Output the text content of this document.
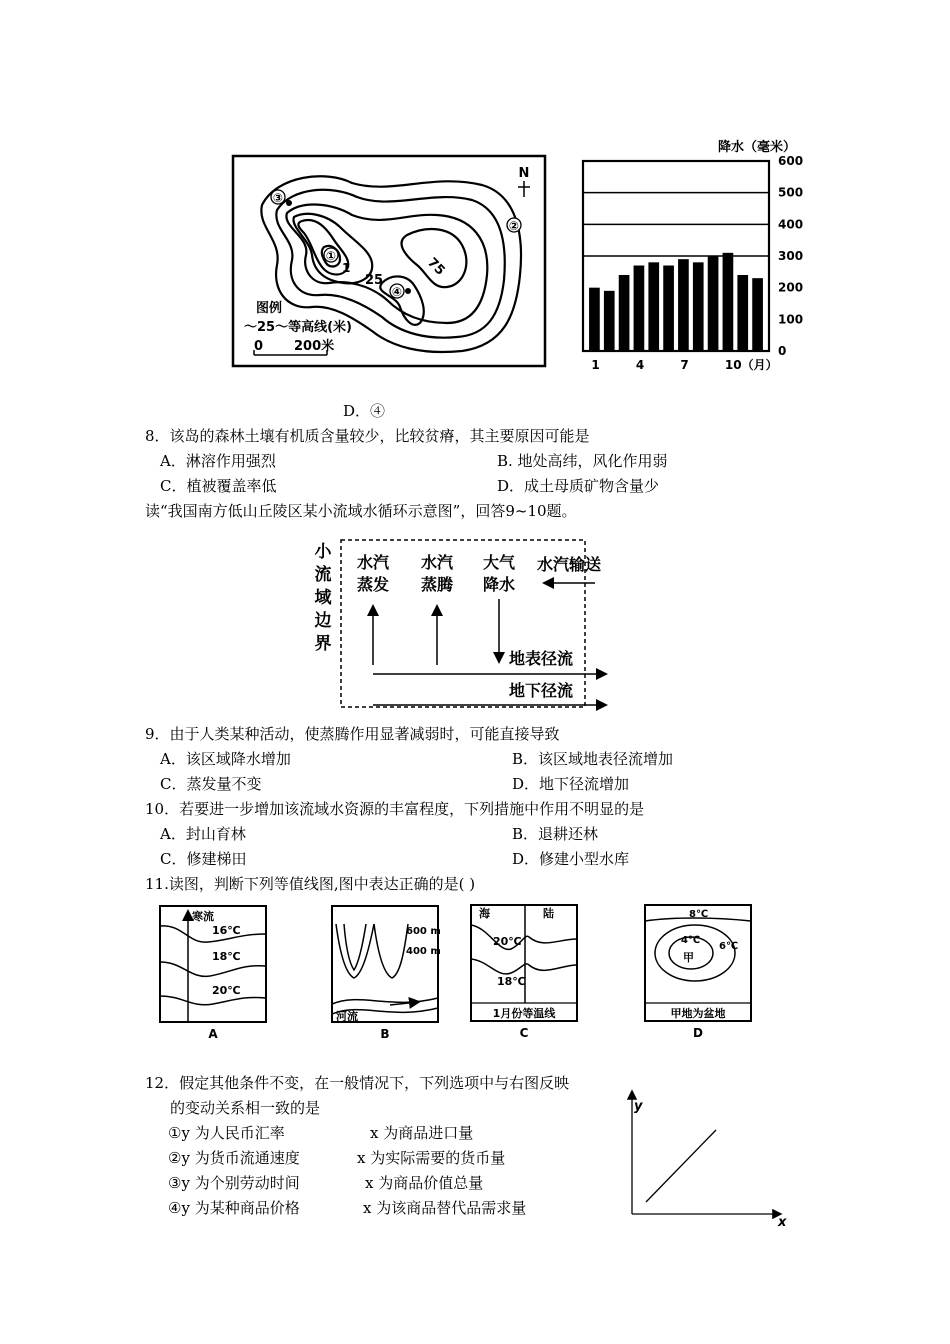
N
③
②
①
④
75
25
1
图例
～25～等高线(米)
0 200米
降水（毫米）
600
500
400
300
200
100
0
1	4	7	10（月）
D．④
8．该岛的森林土壤有机质含量较少，比较贫瘠，其主要原因可能是
A．淋溶作用强烈	B. 地处高纬，风化作用弱
C．植被覆盖率低	D．成土母质矿物含量少
读“我国南方低山丘陵区某小流域水循环示意图”，回答9~10题。
小
流
域
边
界
水汽
蒸发
水汽
蒸腾
大气
降水
水汽输送
地表径流
地下径流
9．由于人类某种活动，使蒸腾作用显著减弱时，可能直接导致
A．该区域降水增加	B．该区域地表径流增加
C．蒸发量不变	D．地下径流增加
10．若要进一步增加该流域水资源的丰富程度，下列措施中作用不明显的是
A．封山育林	B．退耕还林
C．修建梯田	D．修建小型水库
11.读图，判断下列等值线图,图中表达正确的是( )
寒流
16℃
18℃
20℃
A
600 m
400 m
河流
B
海	陆
20℃
18℃
1月份等温线
C
8℃
4℃
6℃
甲
甲地为盆地
D
12．假定其他条件不变，在一般情况下，下列选项中与右图反映
的变动关系相一致的是
①y 为人民币汇率	x 为商品进口量
②y 为货币流通速度	x 为实际需要的货币量
③y 为个别劳动时间	x 为商品价值总量
④y 为某种商品价格	x 为该商品替代品需求量
y
x
